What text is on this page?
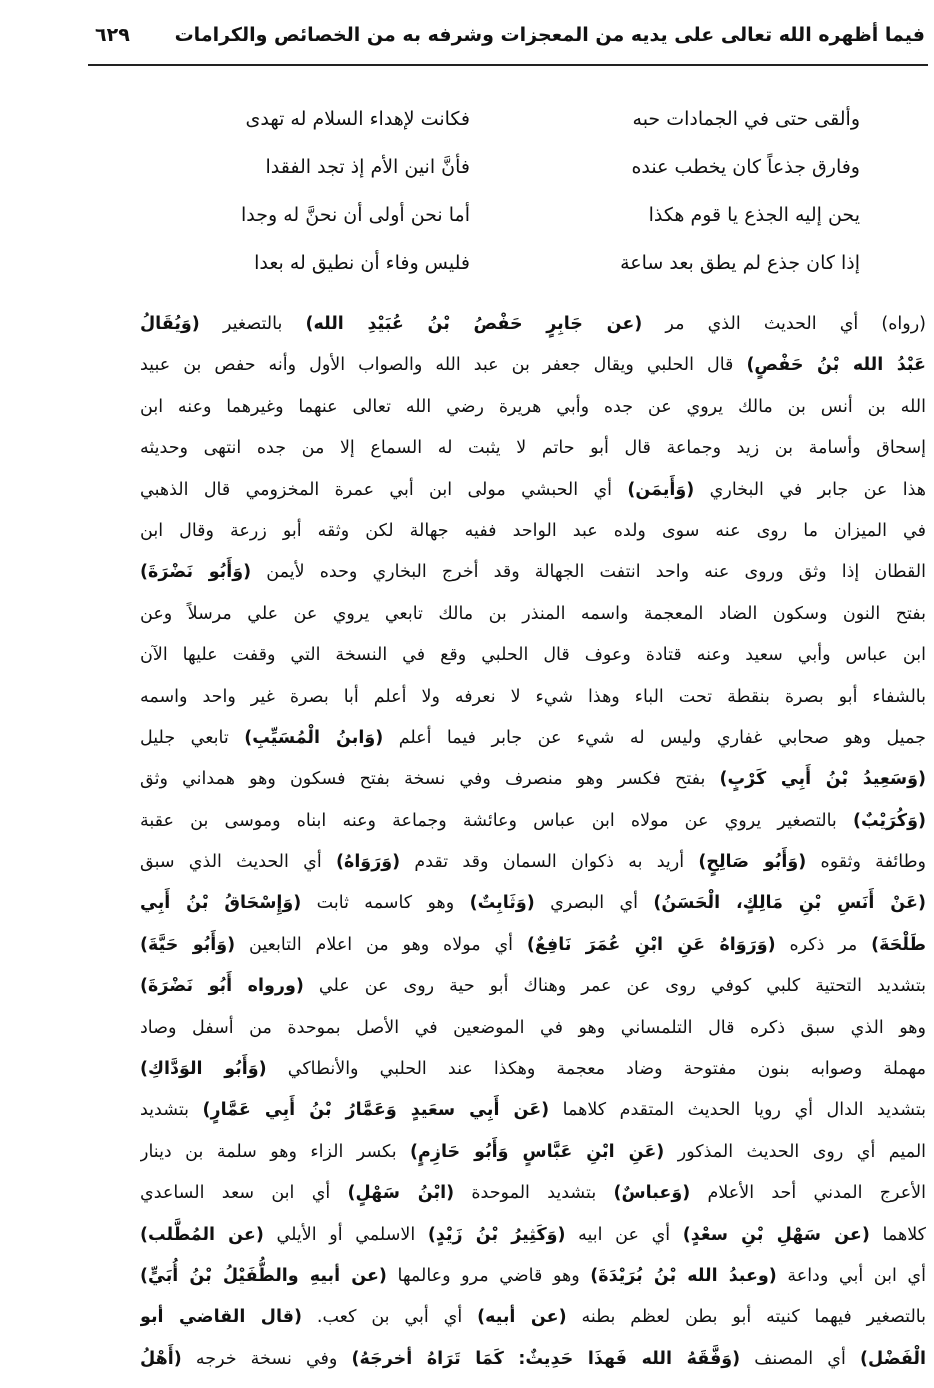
فيما أظهره الله تعالى على يديه من المعجزات وشرفه به من الخصائص والكرامات
٦٢٩
وألقى حتى في الجمادات حبه
فكانت لإهداء السلام له تهدى
وفارق جذعاً كان يخطب عنده
فأنَّ انين الأم إذ تجد الفقدا
يحن إليه الجذع يا قوم هكذا
أما نحن أولى أن نحنَّ له وجدا
إذا كان جذع لم يطق بعد ساعة
فليس وفاء أن نطيق له بعدا
(رواه) أي الحديث الذي مر (عن جَابِرٍ حَفْصُ بْنُ عُبَيْدِ الله) بالتصغير (وَيُقَالُ
عَبْدُ الله بْنُ حَفْصٍ) قال الحلبي ويقال جعفر بن عبد الله والصواب الأول وأنه حفص بن عبيد
الله بن أنس بن مالك يروي عن جده وأبي هريرة رضي الله تعالى عنهما وغيرهما وعنه ابن
إسحاق وأسامة بن زيد وجماعة قال أبو حاتم لا يثبت له السماع إلا من جده انتهى وحديثه
هذا عن جابر في البخاري (وَأَيمَن) أي الحبشي مولى ابن أبي عمرة المخزومي قال الذهبي
في الميزان ما روى عنه سوى ولده عبد الواحد ففيه جهالة لكن وثقه أبو زرعة وقال ابن
القطان إذا وثق وروى عنه واحد انتفت الجهالة وقد أخرج البخاري وحده لأيمن (وَأَبُو نَضْرَةَ)
بفتح النون وسكون الضاد المعجمة واسمه المنذر بن مالك تابعي يروي عن علي مرسلاً وعن
ابن عباس وأبي سعيد وعنه قتادة وعوف قال الحلبي وقع في النسخة التي وقفت عليها الآن
بالشفاء أبو بصرة بنقطة تحت الباء وهذا شيء لا نعرفه ولا أعلم أبا بصرة غير واحد واسمه
جميل وهو صحابي غفاري وليس له شيء عن جابر فيما أعلم (وَابنُ الْمُسَيِّبِ) تابعي جليل
(وَسَعِيدُ بْنُ أَبِي كَرْبٍ) بفتح فكسر وهو منصرف وفي نسخة بفتح فسكون وهو همداني وثق
(وَكُرَيْبٌ) بالتصغير يروي عن مولاه ابن عباس وعائشة وجماعة وعنه ابناه وموسى بن عقبة
وطائفة وثقوه (وَأَبُو صَالِحٍ) أريد به ذكوان السمان وقد تقدم (وَرَوَاهُ) أي الحديث الذي سبق
(عَنْ أَنَسِ بْنِ مَالِكٍ، الْحَسَنُ) أي البصري (وَثَابِتٌ) وهو كاسمه ثابت (وَإِسْحَاقُ بْنُ أَبِي
طَلْحَةَ) مر ذكره (وَرَوَاهُ عَنِ ابْنِ عُمَرَ نَافِعٌ) أي مولاه وهو من اعلام التابعين (وَأَبُو حَيَّةَ)
بتشديد التحتية كلبي كوفي روى عن عمر وهناك أبو حية روى عن علي (ورواه أَبُو نَضْرَةَ)
وهو الذي سبق ذكره قال التلمساني وهو في الموضعين في الأصل بموحدة من أسفل وصاد
مهملة وصوابه بنون مفتوحة وضاد معجمة وهكذا عند الحلبي والأنطاكي (وَأَبُو الوَدَّاكِ)
بتشديد الدال أي رويا الحديث المتقدم كلاهما (عَن أَبِي سعَيدٍ وَعَمَّارُ بْنُ أَبِي عَمَّارٍ) بتشديد
الميم أي روى الحديث المذكور (عَنِ ابْنِ عَبَّاسٍ وَأَبُو حَازِمٍ) بكسر الزاء وهو سلمة بن دينار
الأعرج المدني أحد الأعلام (وَعباسٌ) بتشديد الموحدة (ابْنُ سَهْلٍ) أي ابن سعد الساعدي
كلاهما (عن سَهْلِ بْنِ سعْدٍ) أي عن ابيه (وَكَثِيرُ بْنُ زَيْدٍ) الاسلمي أو الأيلي (عن المُطَّلب)
أي ابن أبي وداعة (وعبدُ الله بْنُ بُرَيْدَةَ) وهو قاضي مرو وعالمها (عن أبيهِ والطُّفَيْلُ بْنُ أُبَيٍّ)
بالتصغير فيهما كنيته أبو بطن لعظم بطنه (عن أبيه) أي أبي بن كعب. (قال القاضي أبو
الْفَضْل) أي المصنف (وَفَّقَهُ الله فَهذَا حَدِيثٌ: كَمَا تَرَاهُ أخرجَهُ) وفي نسخة خرجه (أَهْلُ
